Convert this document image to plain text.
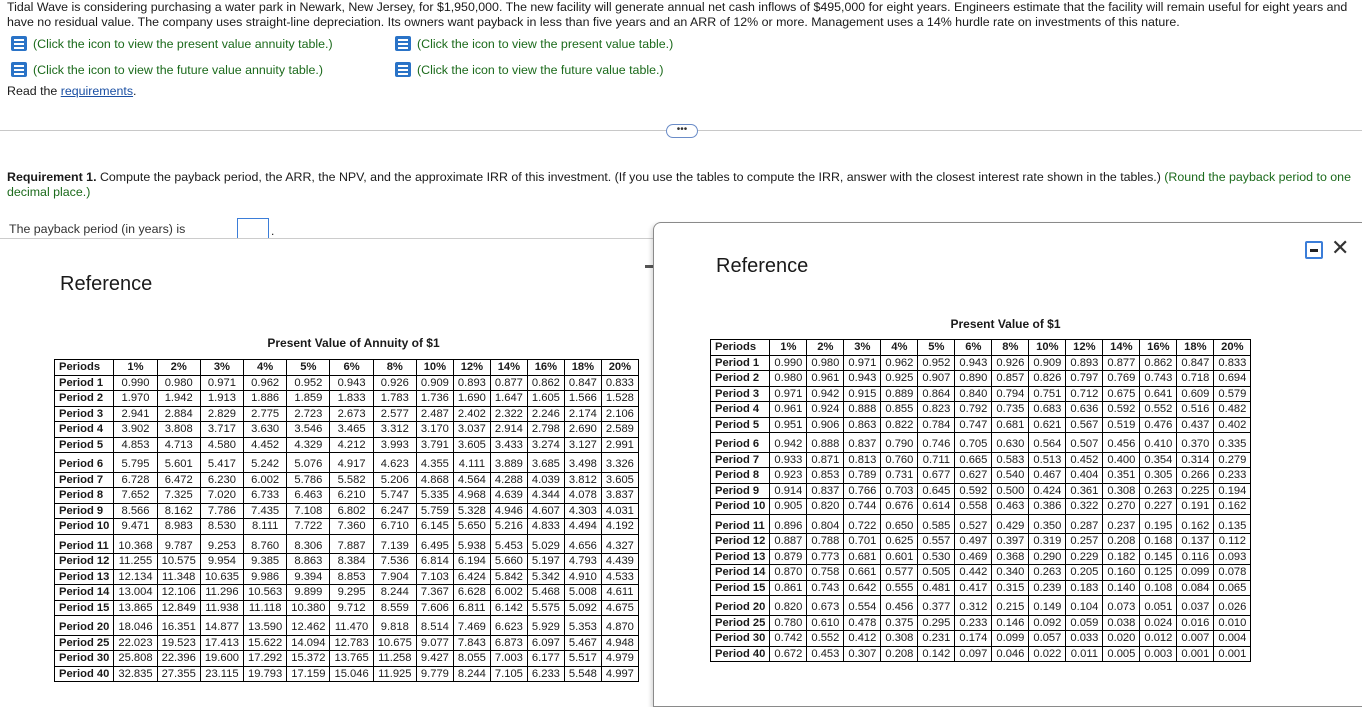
Tidal Wave is considering purchasing a water park in Newark, New Jersey, for $1,950,000. The new facility will generate annual net cash inflows of $495,000 for eight years. Engineers estimate that the facility will remain useful for eight years and have no residual value. The company uses straight-line depreciation. Its owners want payback in less than five years and an ARR of 12% or more. Management uses a 14% hurdle rate on investments of this nature.
(Click the icon to view the present value annuity table.)	(Click the icon to view the present value table.)
(Click the icon to view the future value annuity table.)	(Click the icon to view the future value table.)
Read the requirements.
•••
Requirement 1. Compute the payback period, the ARR, the NPV, and the approximate IRR of this investment. (If you use the tables to compute the IRR, answer with the closest interest rate shown in the tables.) (Round the payback period to one decimal place.)
The payback period (in years) is	.
Reference
Present Value of Annuity of $1
Periods	1%	2%	3%	4%	5%	6%	8%	10%	12%	14%	16%	18%	20%
Period 1	0.990	0.980	0.971	0.962	0.952	0.943	0.926	0.909	0.893	0.877	0.862	0.847	0.833
Period 2	1.970	1.942	1.913	1.886	1.859	1.833	1.783	1.736	1.690	1.647	1.605	1.566	1.528
Period 3	2.941	2.884	2.829	2.775	2.723	2.673	2.577	2.487	2.402	2.322	2.246	2.174	2.106
Period 4	3.902	3.808	3.717	3.630	3.546	3.465	3.312	3.170	3.037	2.914	2.798	2.690	2.589
Period 5	4.853	4.713	4.580	4.452	4.329	4.212	3.993	3.791	3.605	3.433	3.274	3.127	2.991
Period 6	5.795	5.601	5.417	5.242	5.076	4.917	4.623	4.355	4.111	3.889	3.685	3.498	3.326
Period 7	6.728	6.472	6.230	6.002	5.786	5.582	5.206	4.868	4.564	4.288	4.039	3.812	3.605
Period 8	7.652	7.325	7.020	6.733	6.463	6.210	5.747	5.335	4.968	4.639	4.344	4.078	3.837
Period 9	8.566	8.162	7.786	7.435	7.108	6.802	6.247	5.759	5.328	4.946	4.607	4.303	4.031
Period 10	9.471	8.983	8.530	8.111	7.722	7.360	6.710	6.145	5.650	5.216	4.833	4.494	4.192
Period 11	10.368	9.787	9.253	8.760	8.306	7.887	7.139	6.495	5.938	5.453	5.029	4.656	4.327
Period 12	11.255	10.575	9.954	9.385	8.863	8.384	7.536	6.814	6.194	5.660	5.197	4.793	4.439
Period 13	12.134	11.348	10.635	9.986	9.394	8.853	7.904	7.103	6.424	5.842	5.342	4.910	4.533
Period 14	13.004	12.106	11.296	10.563	9.899	9.295	8.244	7.367	6.628	6.002	5.468	5.008	4.611
Period 15	13.865	12.849	11.938	11.118	10.380	9.712	8.559	7.606	6.811	6.142	5.575	5.092	4.675
Period 20	18.046	16.351	14.877	13.590	12.462	11.470	9.818	8.514	7.469	6.623	5.929	5.353	4.870
Period 25	22.023	19.523	17.413	15.622	14.094	12.783	10.675	9.077	7.843	6.873	6.097	5.467	4.948
Period 30	25.808	22.396	19.600	17.292	15.372	13.765	11.258	9.427	8.055	7.003	6.177	5.517	4.979
Period 40	32.835	27.355	23.115	19.793	17.159	15.046	11.925	9.779	8.244	7.105	6.233	5.548	4.997
Reference
✕
Present Value of $1
Periods	1%	2%	3%	4%	5%	6%	8%	10%	12%	14%	16%	18%	20%
Period 1	0.990	0.980	0.971	0.962	0.952	0.943	0.926	0.909	0.893	0.877	0.862	0.847	0.833
Period 2	0.980	0.961	0.943	0.925	0.907	0.890	0.857	0.826	0.797	0.769	0.743	0.718	0.694
Period 3	0.971	0.942	0.915	0.889	0.864	0.840	0.794	0.751	0.712	0.675	0.641	0.609	0.579
Period 4	0.961	0.924	0.888	0.855	0.823	0.792	0.735	0.683	0.636	0.592	0.552	0.516	0.482
Period 5	0.951	0.906	0.863	0.822	0.784	0.747	0.681	0.621	0.567	0.519	0.476	0.437	0.402
Period 6	0.942	0.888	0.837	0.790	0.746	0.705	0.630	0.564	0.507	0.456	0.410	0.370	0.335
Period 7	0.933	0.871	0.813	0.760	0.711	0.665	0.583	0.513	0.452	0.400	0.354	0.314	0.279
Period 8	0.923	0.853	0.789	0.731	0.677	0.627	0.540	0.467	0.404	0.351	0.305	0.266	0.233
Period 9	0.914	0.837	0.766	0.703	0.645	0.592	0.500	0.424	0.361	0.308	0.263	0.225	0.194
Period 10	0.905	0.820	0.744	0.676	0.614	0.558	0.463	0.386	0.322	0.270	0.227	0.191	0.162
Period 11	0.896	0.804	0.722	0.650	0.585	0.527	0.429	0.350	0.287	0.237	0.195	0.162	0.135
Period 12	0.887	0.788	0.701	0.625	0.557	0.497	0.397	0.319	0.257	0.208	0.168	0.137	0.112
Period 13	0.879	0.773	0.681	0.601	0.530	0.469	0.368	0.290	0.229	0.182	0.145	0.116	0.093
Period 14	0.870	0.758	0.661	0.577	0.505	0.442	0.340	0.263	0.205	0.160	0.125	0.099	0.078
Period 15	0.861	0.743	0.642	0.555	0.481	0.417	0.315	0.239	0.183	0.140	0.108	0.084	0.065
Period 20	0.820	0.673	0.554	0.456	0.377	0.312	0.215	0.149	0.104	0.073	0.051	0.037	0.026
Period 25	0.780	0.610	0.478	0.375	0.295	0.233	0.146	0.092	0.059	0.038	0.024	0.016	0.010
Period 30	0.742	0.552	0.412	0.308	0.231	0.174	0.099	0.057	0.033	0.020	0.012	0.007	0.004
Period 40	0.672	0.453	0.307	0.208	0.142	0.097	0.046	0.022	0.011	0.005	0.003	0.001	0.001
